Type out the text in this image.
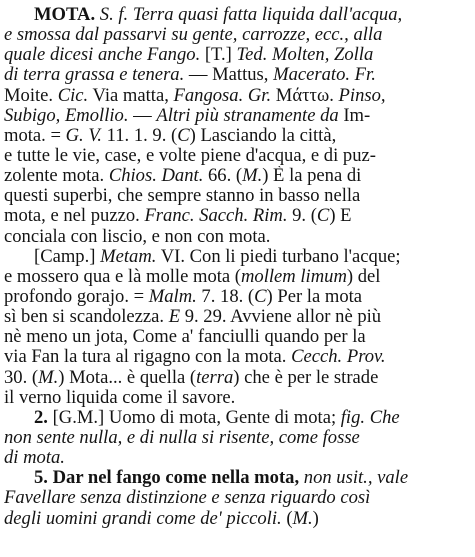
MOTA. S. f. Terra quasi fatta liquida dall'acqua,
e smossa dal passarvi su gente, carrozze, ecc., alla
quale dicesi anche Fango. [T.] Ted. Molten, Zolla
di terra grassa e tenera. — Mattus, Macerato. Fr.
Moite. Cic. Via matta, Fangosa. Gr. Μάττω. Pinso,
Subigo, Emollio. — Altri più stranamente da Im-
mota. = G. V. 11. 1. 9. (C) Lasciando la città,
e tutte le vie, case, e volte piene d'acqua, e di puz-
zolente mota. Chios. Dant. 66. (M.) È la pena di
questi superbi, che sempre stanno in basso nella
mota, e nel puzzo. Franc. Sacch. Rim. 9. (C) E
conciala con liscio, e non con mota.
[Camp.] Metam. VI. Con li piedi turbano l'acque;
e mossero qua e là molle mota (mollem limum) del
profondo gorajo. = Malm. 7. 18. (C) Per la mota
sì ben si scandolezza. E 9. 29. Avviene allor nè più
nè meno un jota, Come a' fanciulli quando per la
via Fan la tura al rigagno con la mota. Cecch. Prov.
30. (M.) Mota... è quella (terra) che è per le strade
il verno liquida come il savore.
2. [G.M.] Uomo di mota, Gente di mota; fig. Che
non sente nulla, e di nulla si risente, come fosse
di mota.
5. Dar nel fango come nella mota, non usit., vale
Favellare senza distinzione e senza riguardo così
degli uomini grandi come de' piccoli. (M.)
